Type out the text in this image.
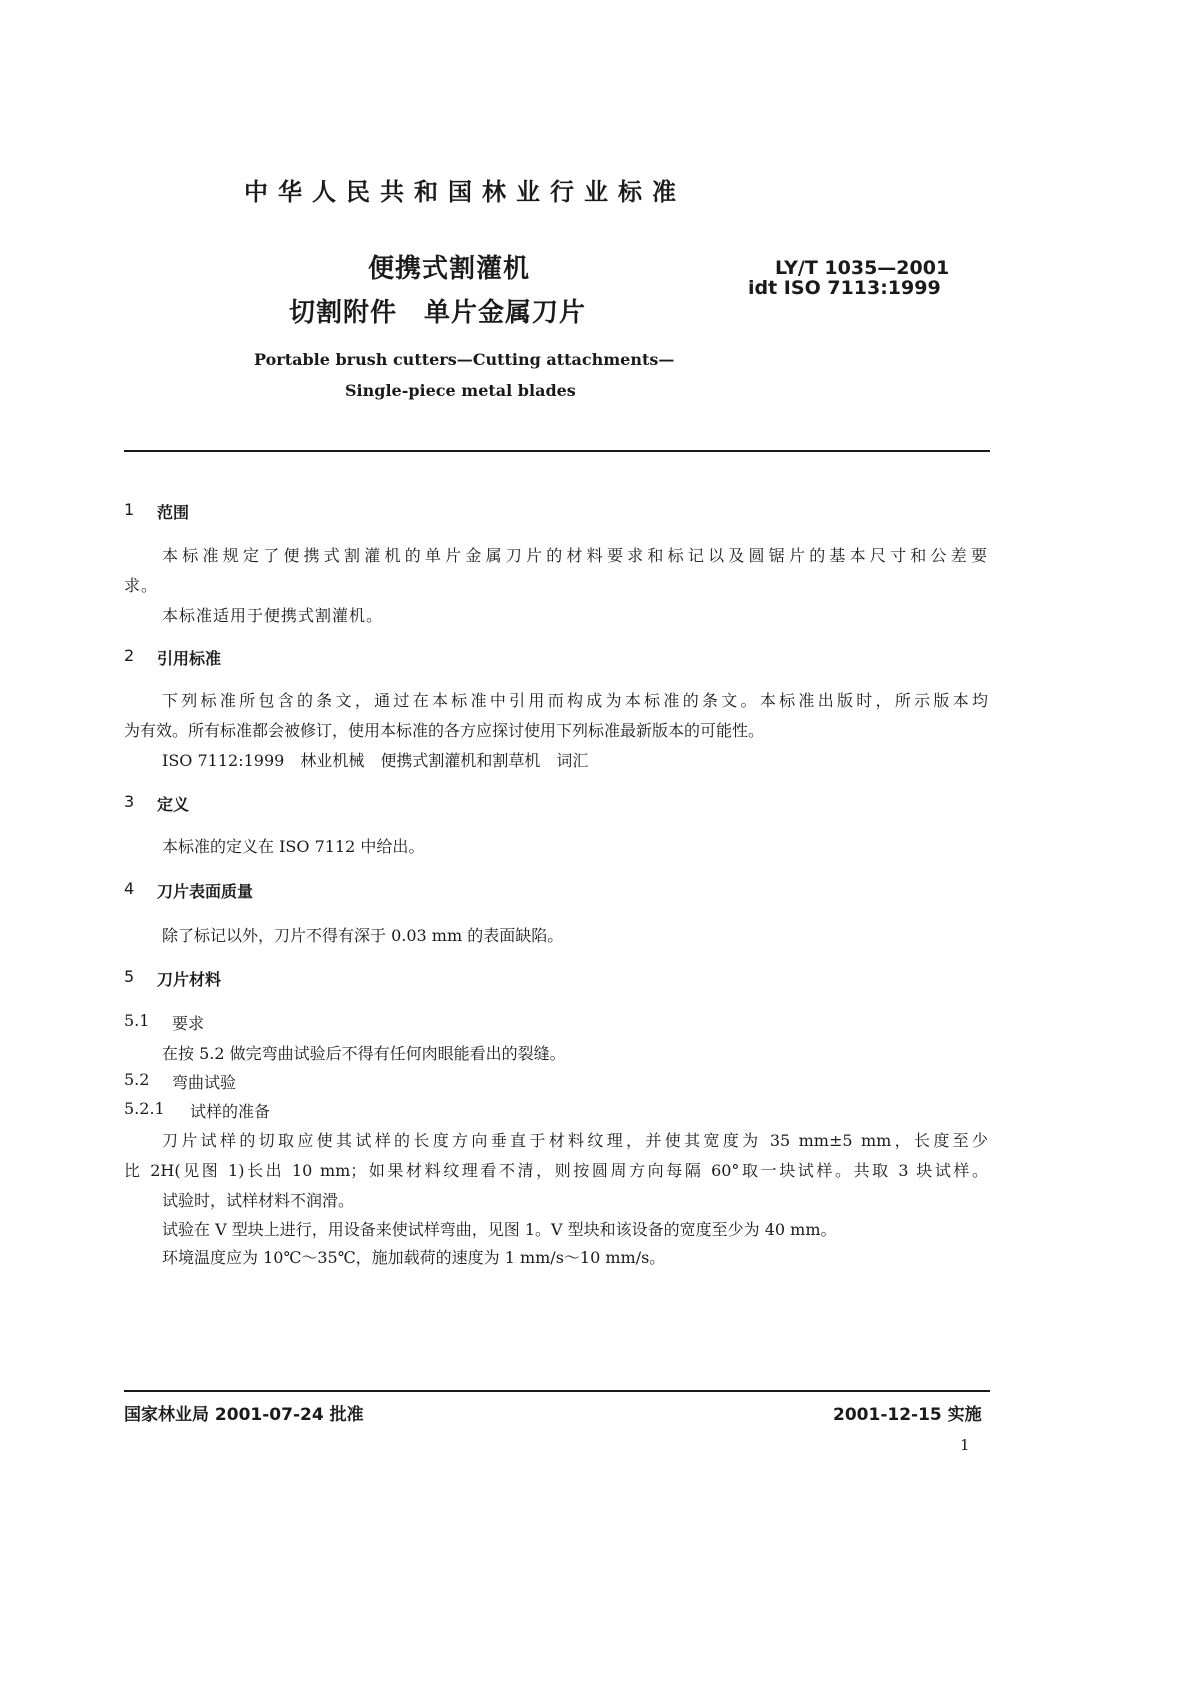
中华人民共和国林业行业标准
便携式割灌机
切割附件　单片金属刀片
LY/T 1035—2001
idt ISO 7113:1999
Portable brush cutters—Cutting attachments—
Single-piece metal blades
1 范围
本标准规定了便携式割灌机的单片金属刀片的材料要求和标记以及圆锯片的基本尺寸和公差要
求。
本标准适用于便携式割灌机。
2 引用标准
下列标准所包含的条文，通过在本标准中引用而构成为本标准的条文。本标准出版时，所示版本均
为有效。所有标准都会被修订，使用本标准的各方应探讨使用下列标准最新版本的可能性。
ISO 7112:1999　林业机械　便携式割灌机和割草机　词汇
3 定义
本标准的定义在 ISO 7112 中给出。
4 刀片表面质量
除了标记以外，刀片不得有深于 0.03 mm 的表面缺陷。
5 刀片材料
5.1 要求
在按 5.2 做完弯曲试验后不得有任何肉眼能看出的裂缝。
5.2 弯曲试验
5.2.1 试样的准备
刀片试样的切取应使其试样的长度方向垂直于材料纹理，并使其宽度为 35 mm±5 mm，长度至少
比 2H(见图 1)长出 10 mm；如果材料纹理看不清，则按圆周方向每隔 60°取一块试样。共取 3 块试样。
试验时，试样材料不润滑。
试验在 V 型块上进行，用设备来使试样弯曲，见图 1。V 型块和该设备的宽度至少为 40 mm。
环境温度应为 10℃～35℃，施加载荷的速度为 1 mm/s～10 mm/s。
国家林业局 2001-07-24 批准	2001-12-15 实施
1
